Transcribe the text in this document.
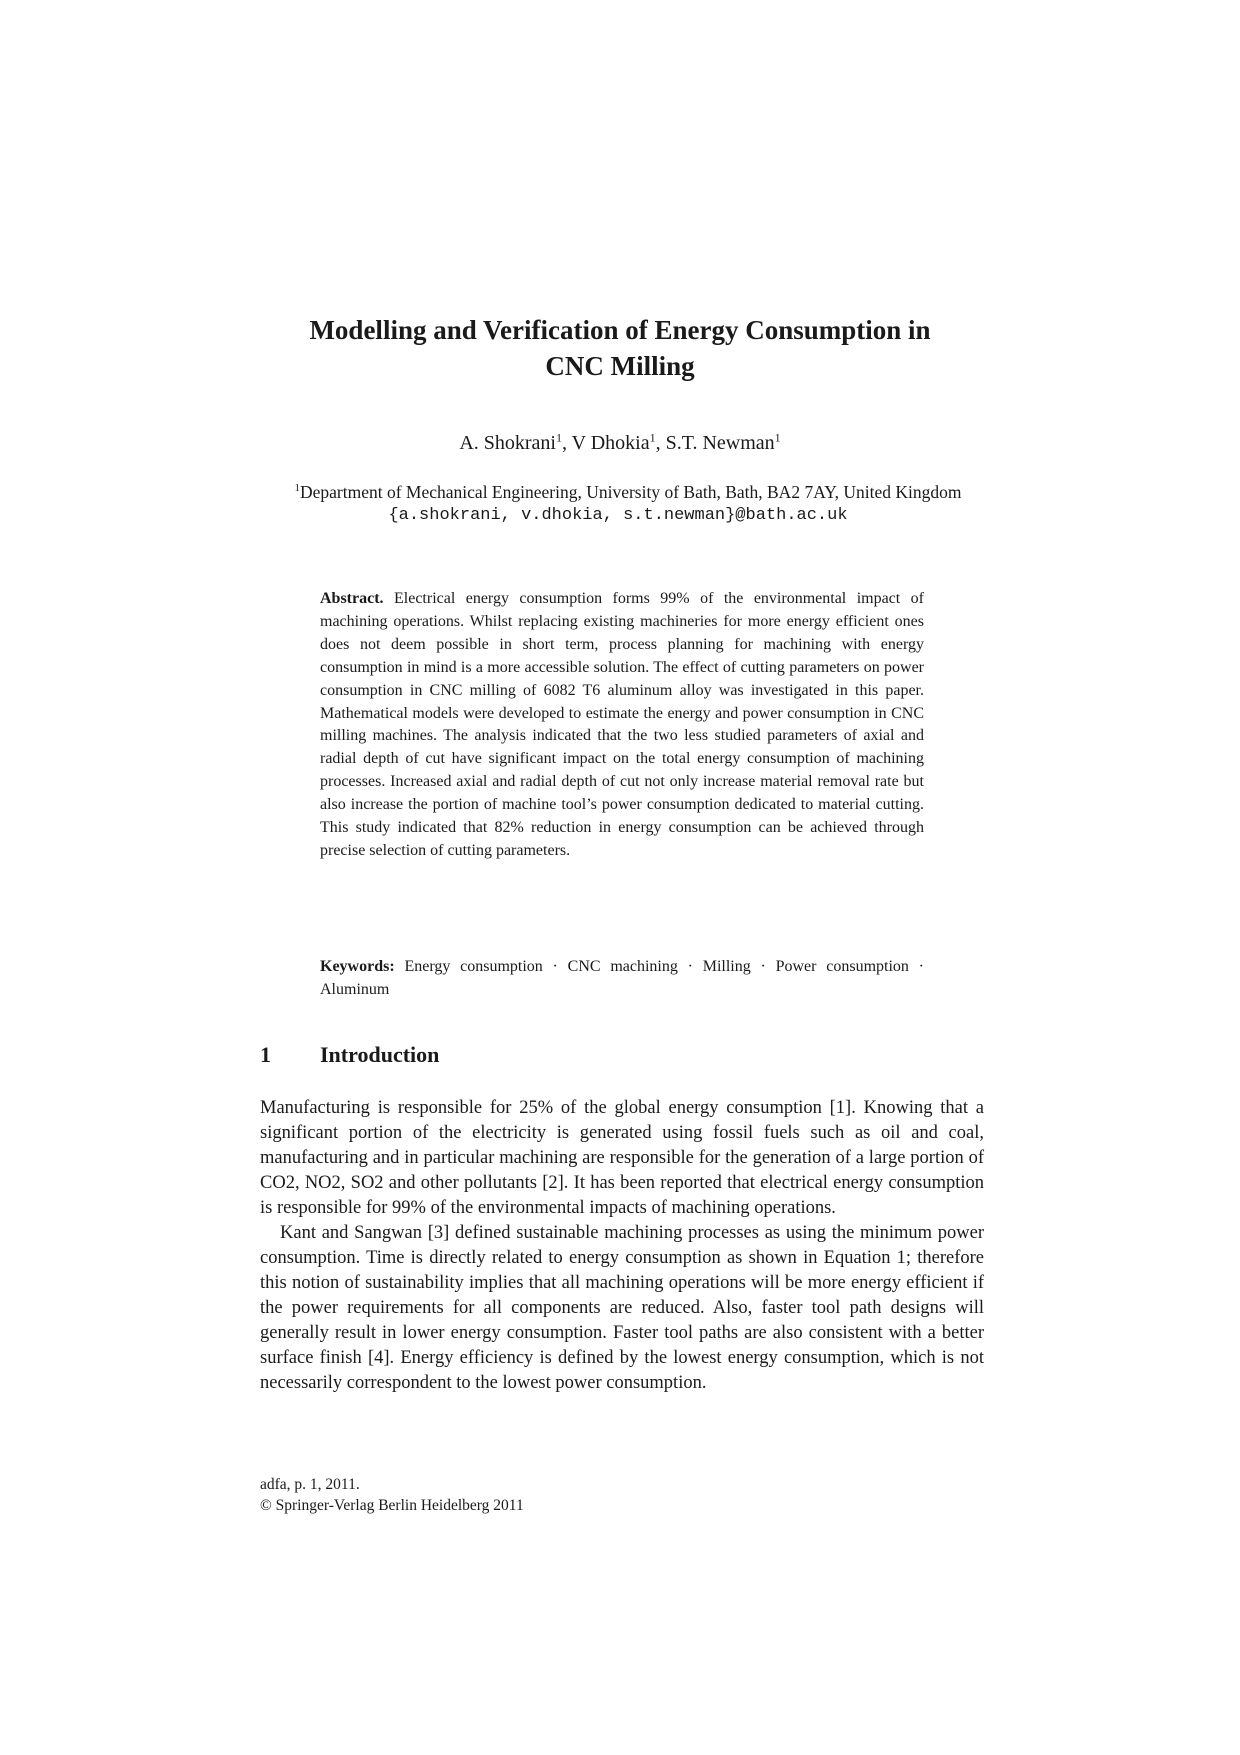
Modelling and Verification of Energy Consumption in
CNC Milling
A. Shokrani$^1$, V Dhokia$^1$, S.T. Newman$^1$
$^1$Department of Mechanical Engineering, University of Bath, Bath, BA2 7AY, United Kingdom
{a.shokrani, v.dhokia, s.t.newman}@bath.ac.uk
Abstract. Electrical energy consumption forms 99% of the environmental impact of machining operations. Whilst replacing existing machineries for more energy efficient ones does not deem possible in short term, process planning for machining with energy consumption in mind is a more accessible solution. The effect of cutting parameters on power consumption in CNC milling of 6082 T6 aluminum alloy was investigated in this paper. Mathematical models were developed to estimate the energy and power consumption in CNC milling machines. The analysis indicated that the two less studied parameters of axial and radial depth of cut have significant impact on the total energy consumption of machining processes. Increased axial and radial depth of cut not only increase material removal rate but also increase the portion of machine tool’s power consumption dedicated to material cutting. This study indicated that 82% reduction in energy consumption can be achieved through precise selection of cutting parameters.
Keywords: Energy consumption · CNC machining · Milling · Power consumption · Aluminum
1 Introduction

Manufacturing is responsible for 25% of the global energy consumption [1]. Knowing that a significant portion of the electricity is generated using fossil fuels such as oil and coal, manufacturing and in particular machining are responsible for the generation of a large portion of CO2, NO2, SO2 and other pollutants [2]. It has been reported that electrical energy consumption is responsible for 99% of the environmental impacts of machining operations.

Kant and Sangwan [3] defined sustainable machining processes as using the minimum power consumption. Time is directly related to energy consumption as shown in Equation 1; therefore this notion of sustainability implies that all machining operations will be more energy efficient if the power requirements for all components are reduced. Also, faster tool path designs will generally result in lower energy consumption. Faster tool paths are also consistent with a better surface finish [4]. Energy efficiency is defined by the lowest energy consumption, which is not necessarily correspondent to the lowest power consumption.

adfa, p. 1, 2011.
© Springer-Verlag Berlin Heidelberg 2011
